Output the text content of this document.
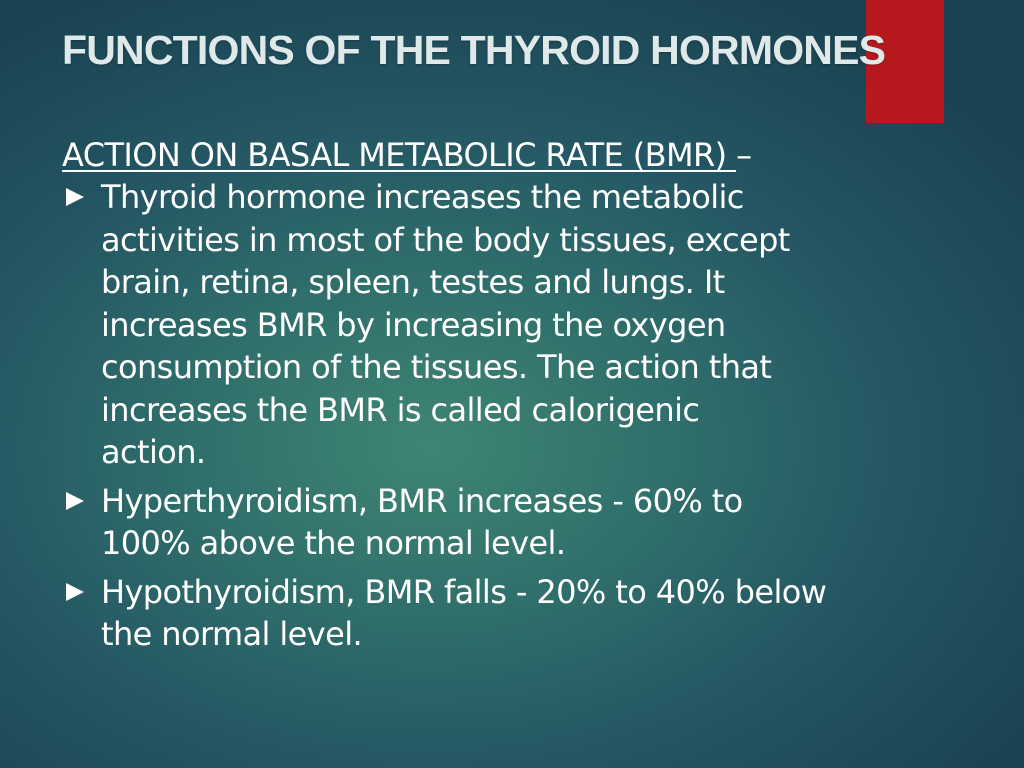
FUNCTIONS OF THE THYROID HORMONES
ACTION ON BASAL METABOLIC RATE (BMR) –
Thyroid hormone increases the metabolic
activities in most of the body tissues, except
brain, retina, spleen, testes and lungs. It
increases BMR by increasing the oxygen
consumption of the tissues. The action that
increases the BMR is called calorigenic
action.
Hyperthyroidism, BMR increases - 60% to
100% above the normal level.
Hypothyroidism, BMR falls - 20% to 40% below
the normal level.
